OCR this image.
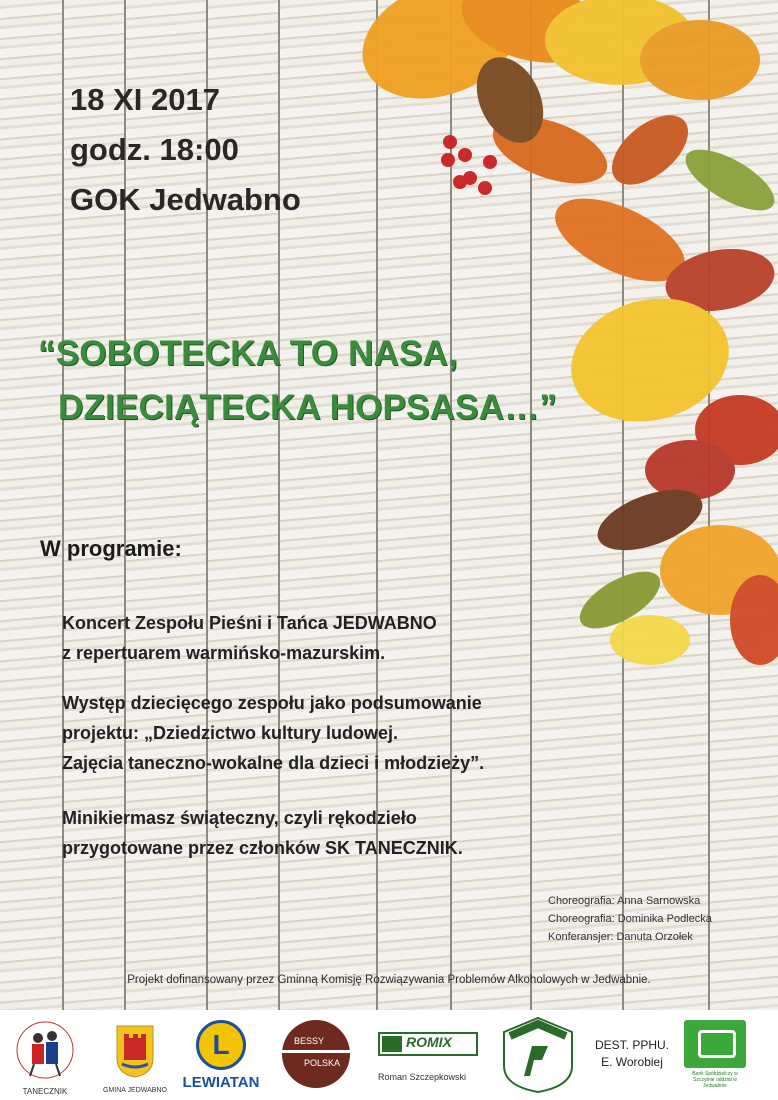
18 XI 2017
godz. 18:00
GOK Jedwabno
“SOBOTECKA TO NASA,
DZIECIĄTECKA HOPSASA…”
W programie:
Koncert Zespołu Pieśni i Tańca JEDWABNO
z repertuarem warmińsko-mazurskim.
Występ dziecięcego zespołu jako podsumowanie
projektu: „Dziedzictwo kultury ludowej.
Zajęcia taneczno-wokalne dla dzieci i młodzieży”.
Minikiermasz świąteczny, czyli rękodzieło
przygotowane przez członków SK TANECZNIK.
Choreografia: Anna Sarnowska
Choreografia: Dominika Podlecka
Konferansjer: Danuta Orzołek
Projekt dofinansowany przez Gminną Komisję Rozwiązywania Problemów Alkoholowych w Jedwabnie.
TANECZNIK	GMINA JEDWABNO
L
LEWIATAN
BESSY
POLSKA
ROMIX
Roman Szczepkowski
DEST. PPHU.
E. Worobiej
Bank Spółdzielczy w Szczytnie oddział w Jedwabnie
